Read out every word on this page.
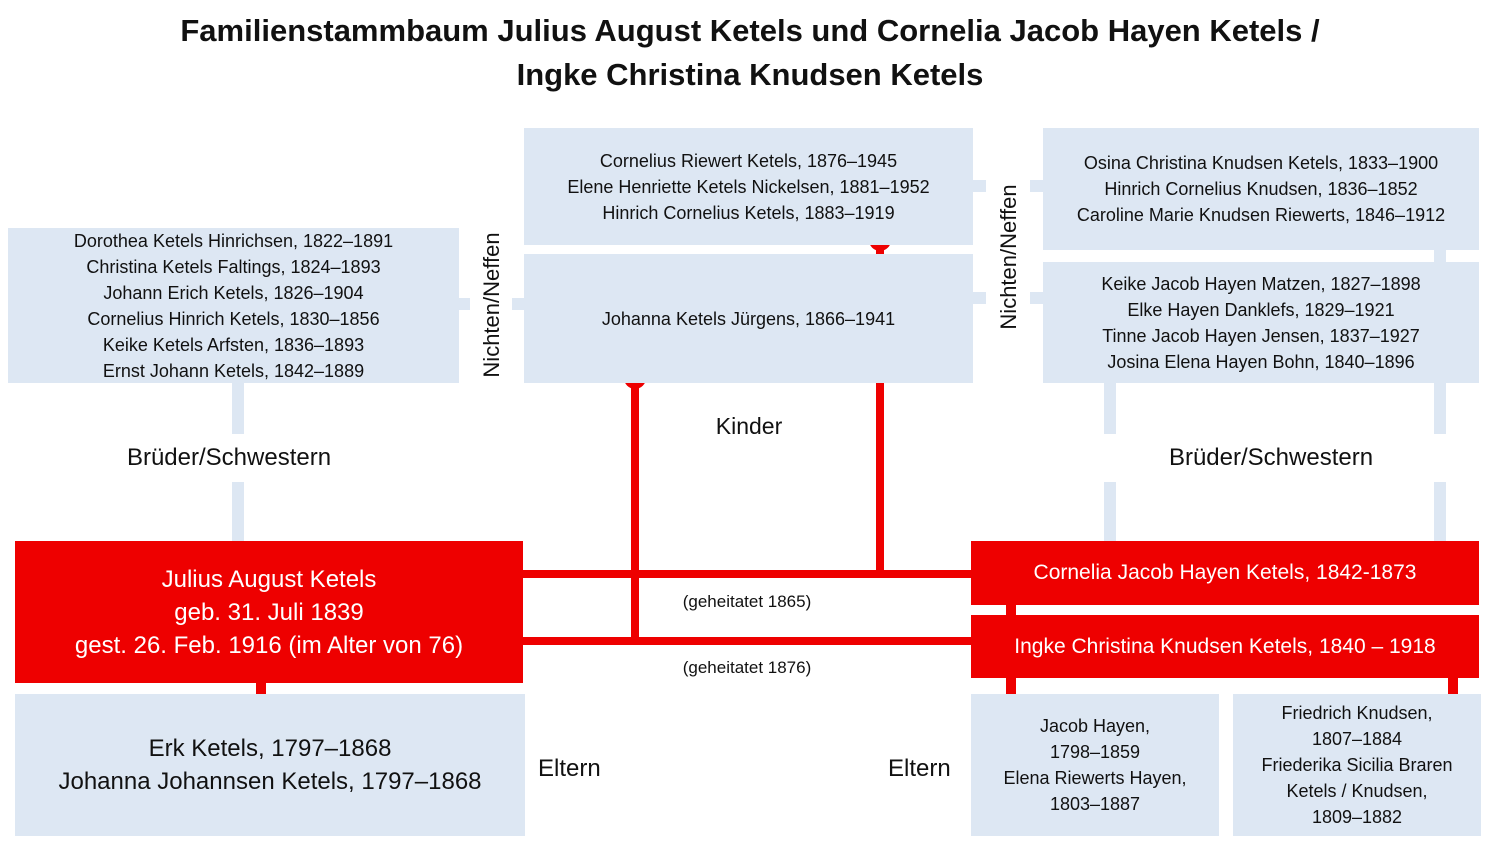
Familienstammbaum Julius August Ketels und Cornelia Jacob Hayen Ketels /
Ingke Christina Knudsen Ketels
Dorothea Ketels Hinrichsen, 1822–1891
Christina Ketels Faltings, 1824–1893
Johann Erich Ketels, 1826–1904
Cornelius Hinrich Ketels, 1830–1856
Keike Ketels Arfsten, 1836–1893
Ernst Johann Ketels, 1842–1889
Cornelius Riewert Ketels, 1876–1945
Elene Henriette Ketels Nickelsen, 1881–1952
Hinrich Cornelius Ketels, 1883–1919
Johanna Ketels Jürgens, 1866–1941
Osina Christina Knudsen Ketels, 1833–1900
Hinrich Cornelius Knudsen, 1836–1852
Caroline Marie Knudsen Riewerts, 1846–1912
Keike Jacob Hayen Matzen, 1827–1898
Elke Hayen Danklefs, 1829–1921
Tinne Jacob Hayen Jensen, 1837–1927
Josina Elena Hayen Bohn, 1840–1896
Julius August Ketels
geb. 31. Juli 1839
gest. 26. Feb. 1916 (im Alter von 76)
Cornelia Jacob Hayen Ketels, 1842-1873
Ingke Christina Knudsen Ketels, 1840 – 1918
Erk Ketels, 1797–1868
Johanna Johannsen Ketels, 1797–1868
Jacob Hayen,
1798–1859
Elena Riewerts Hayen,
1803–1887
Friedrich Knudsen,
1807–1884
Friederika Sicilia Braren
Ketels / Knudsen,
1809–1882
Brüder/Schwestern	Brüder/Schwestern
Kinder
(geheitatet 1865)
(geheitatet 1876)
Eltern	Eltern
Nichten/Neffen	Nichten/Neffen
